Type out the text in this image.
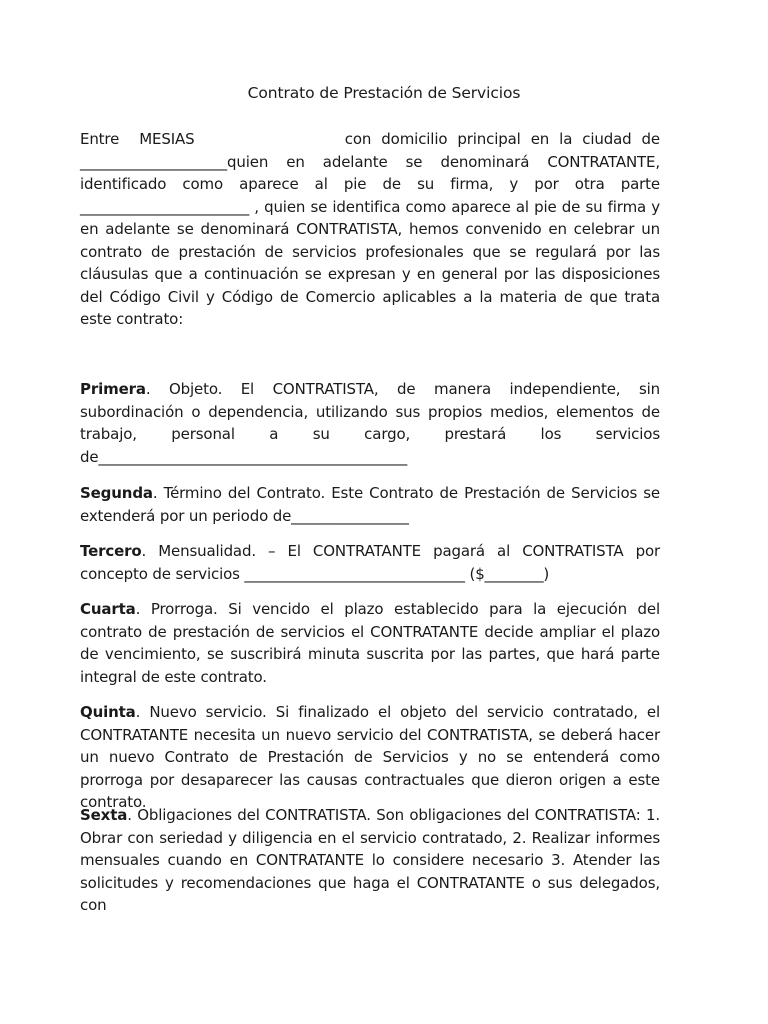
Contrato de Prestación de Servicios
Entre  MESIAS               con domicilio principal en la ciudad de ____________________quien en adelante se denominará CONTRATANTE, identificado como aparece al pie de su firma, y por otra parte _______________________ , quien se identifica como aparece al pie de su firma y en adelante se denominará CONTRATISTA, hemos convenido en celebrar un contrato de prestación de servicios profesionales que se regulará por las cláusulas que a continuación se expresan y en general por las disposiciones del Código Civil y Código de Comercio aplicables a la materia de que trata este contrato:
Primera. Objeto. El CONTRATISTA, de manera independiente, sin subordinación o dependencia, utilizando sus propios medios, elementos de trabajo, personal a su cargo, prestará los servicios de__________________________________________
Segunda. Término del Contrato. Este Contrato de Prestación de Servicios se extenderá por un periodo de________________
Tercero. Mensualidad. – El CONTRATANTE pagará al CONTRATISTA por concepto de servicios ______________________________ ($________)
Cuarta. Prorroga. Si vencido el plazo establecido para la ejecución del contrato de prestación de servicios el CONTRATANTE decide ampliar el plazo de vencimiento, se suscribirá minuta suscrita por las partes, que hará parte integral de este contrato.
Quinta. Nuevo servicio. Si finalizado el objeto del servicio contratado, el CONTRATANTE necesita un nuevo servicio del CONTRATISTA, se deberá hacer un nuevo Contrato de Prestación de Servicios y no se entenderá como prorroga por desaparecer las causas contractuales que dieron origen a este contrato.
Sexta. Obligaciones del CONTRATISTA. Son obligaciones del CONTRATISTA: 1. Obrar con seriedad y diligencia en el servicio contratado, 2. Realizar informes mensuales cuando en CONTRATANTE lo considere necesario 3. Atender las solicitudes y recomendaciones que haga el CONTRATANTE o sus delegados, con
